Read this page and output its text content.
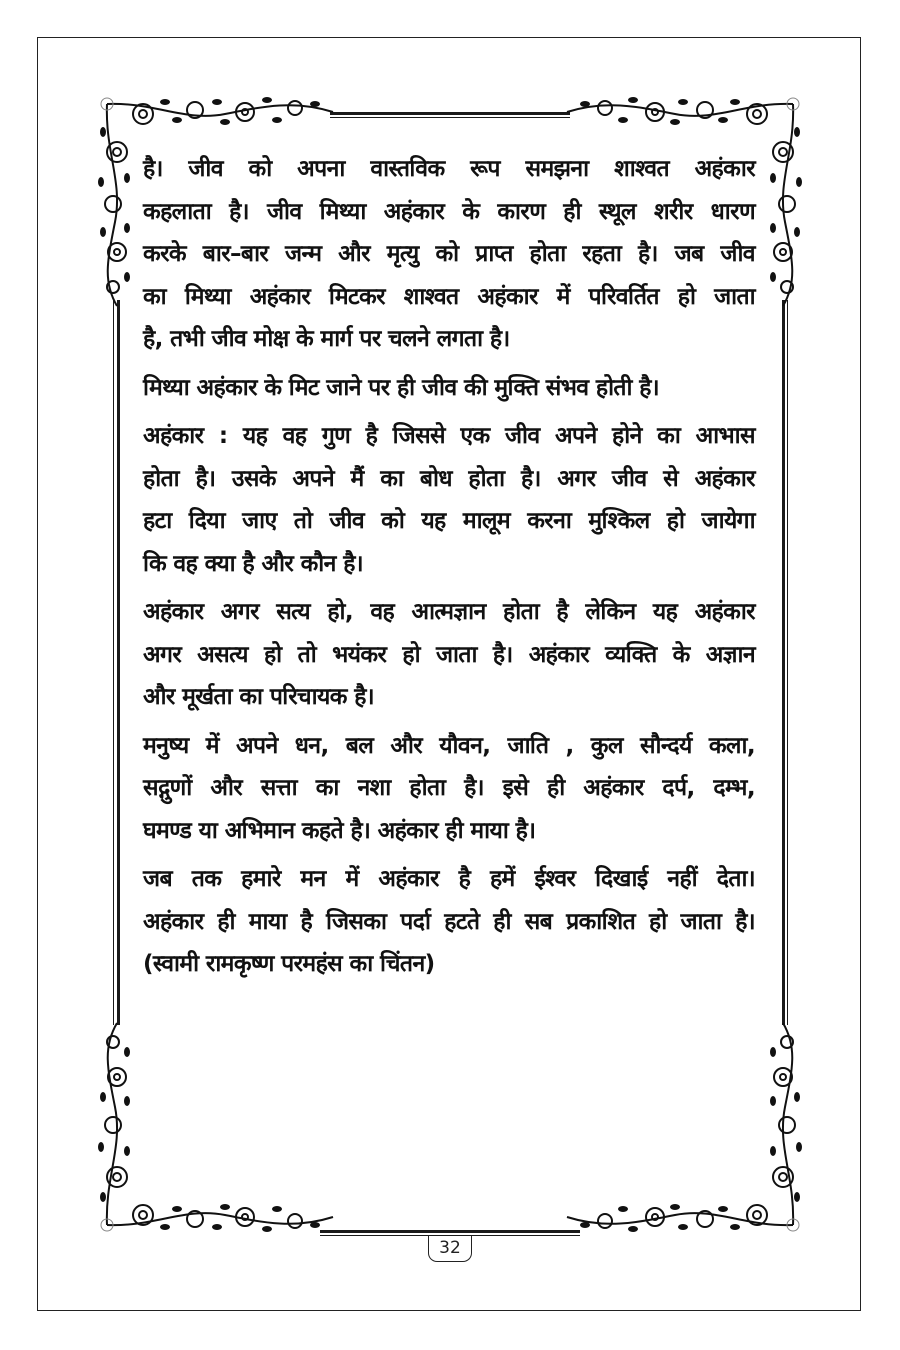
है। जीव को अपना वास्तविक रूप समझना शाश्वत अहंकार
कहलाता है। जीव मिथ्या अहंकार के कारण ही स्थूल शरीर धारण
करके बार–बार जन्म और मृत्यु को प्राप्त होता रहता है। जब जीव
का मिथ्या अहंकार मिटकर शाश्वत अहंकार में परिवर्तित हो जाता
है, तभी जीव मोक्ष के मार्ग पर चलने लगता है।
मिथ्या अहंकार के मिट जाने पर ही जीव की मुक्ति संभव होती है।
अहंकार : यह वह गुण है जिससे एक जीव अपने होने का आभास
होता है। उसके अपने मैं का बोध होता है। अगर जीव से अहंकार
हटा दिया जाए तो जीव को यह मालूम करना मुश्किल हो जायेगा
कि वह क्या है और कौन है।
अहंकार अगर सत्य हो, वह आत्मज्ञान होता है लेकिन यह अहंकार
अगर असत्य हो तो भयंकर हो जाता है। अहंकार व्यक्ति के अज्ञान
और मूर्खता का परिचायक है।
मनुष्य में अपने धन, बल और यौवन, जाति , कुल सौन्दर्य कला,
सद्गुणों और सत्ता का नशा होता है। इसे ही अहंकार दर्प, दम्भ,
घमण्ड या अभिमान कहते है। अहंकार ही माया है।
जब तक हमारे मन में अहंकार है हमें ईश्वर दिखाई नहीं देता।
अहंकार ही माया है जिसका पर्दा हटते ही सब प्रकाशित हो जाता है।
(स्वामी रामकृष्ण परमहंस का चिंतन)
32
